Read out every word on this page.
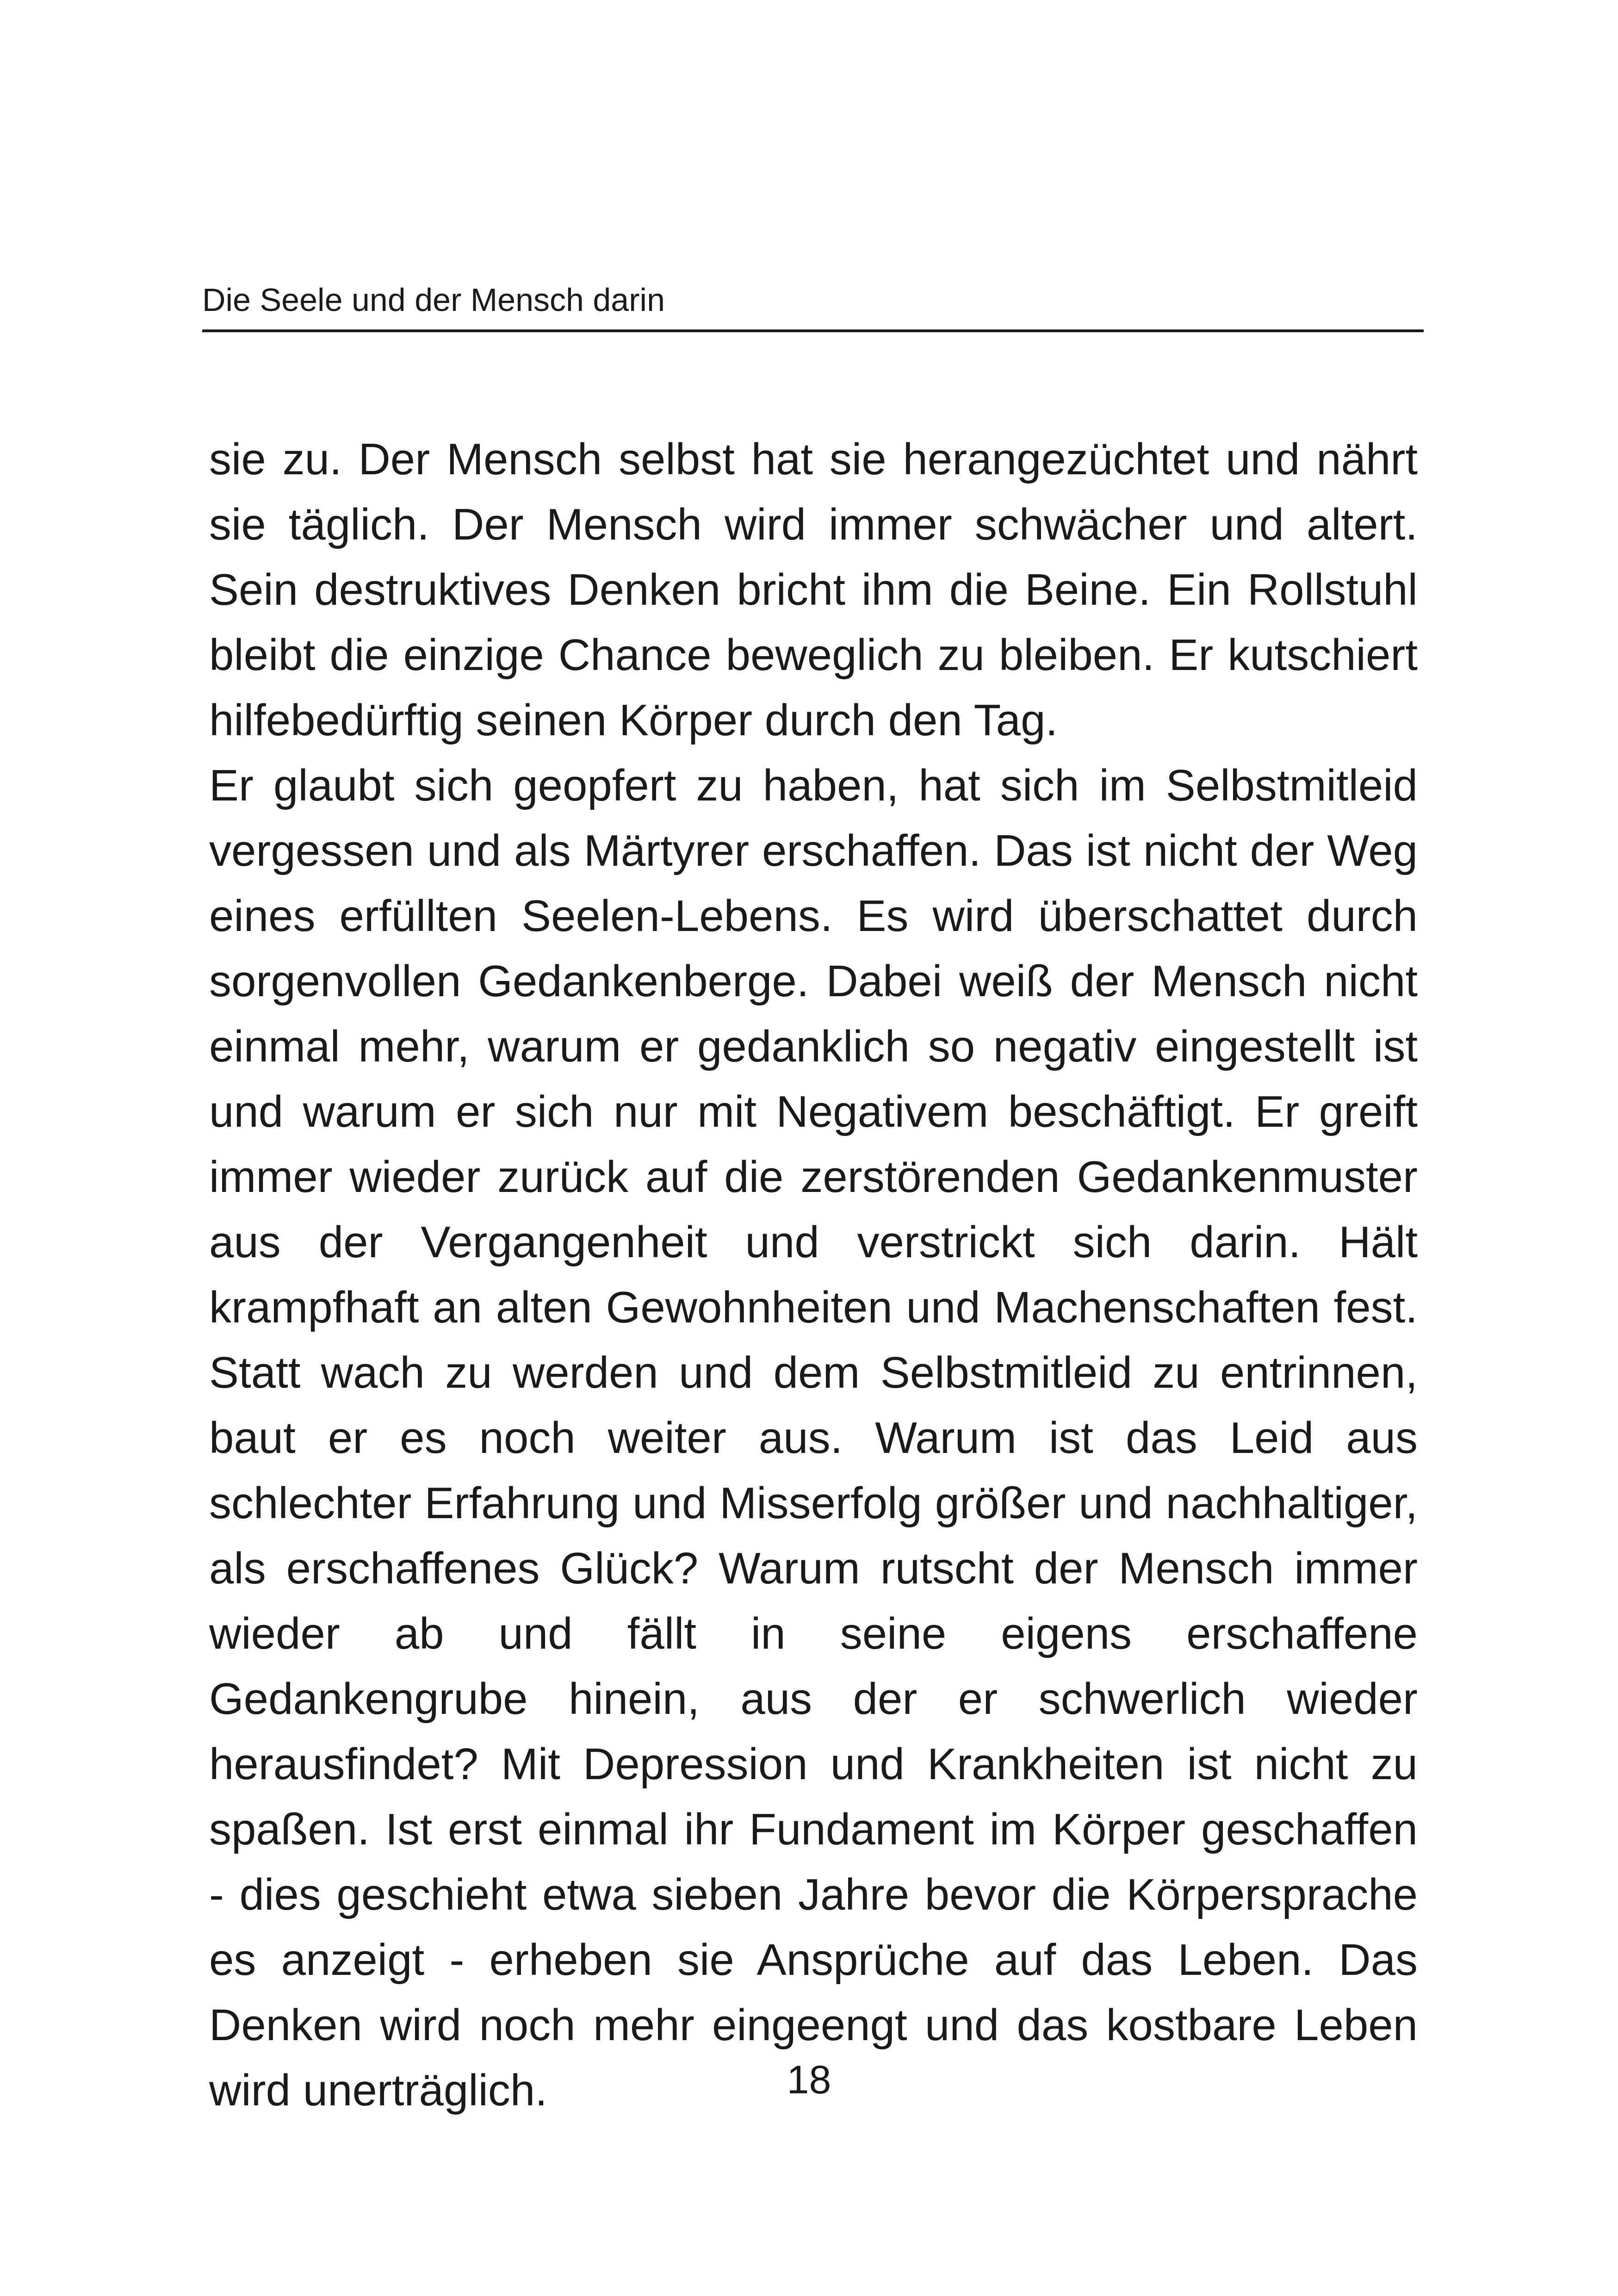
Die Seele und der Mensch darin

sie zu. Der Mensch selbst hat sie herangezüchtet und nährt sie täglich. Der Mensch wird immer schwächer und altert. Sein destruktives Denken bricht ihm die Beine. Ein Rollstuhl bleibt die einzige Chance beweglich zu bleiben. Er kutschiert hilfebedürftig seinen Körper durch den Tag.

Er glaubt sich geopfert zu haben, hat sich im Selbstmitleid vergessen und als Märtyrer erschaffen. Das ist nicht der Weg eines erfüllten Seelen-Lebens. Es wird überschattet durch sorgenvollen Gedankenberge. Dabei weiß der Mensch nicht einmal mehr, warum er gedanklich so negativ eingestellt ist und warum er sich nur mit Negativem beschäftigt. Er greift immer wieder zurück auf die zerstörenden Gedankenmuster aus der Vergangenheit und verstrickt sich darin. Hält krampfhaft an alten Gewohnheiten und Machenschaften fest. Statt wach zu werden und dem Selbstmitleid zu entrinnen, baut er es noch weiter aus. Warum ist das Leid aus schlechter Erfahrung und Misserfolg größer und nachhaltiger, als erschaffenes Glück? Warum rutscht der Mensch immer wieder ab und fällt in seine eigens erschaffene Gedankengrube hinein, aus der er schwerlich wieder herausfindet? Mit Depression und Krankheiten ist nicht zu spaßen. Ist erst einmal ihr Fundament im Körper geschaffen - dies geschieht etwa sieben Jahre bevor die Körpersprache es anzeigt - erheben sie Ansprüche auf das Leben. Das Denken wird noch mehr eingeengt und das kostbare Leben wird unerträglich.	18
